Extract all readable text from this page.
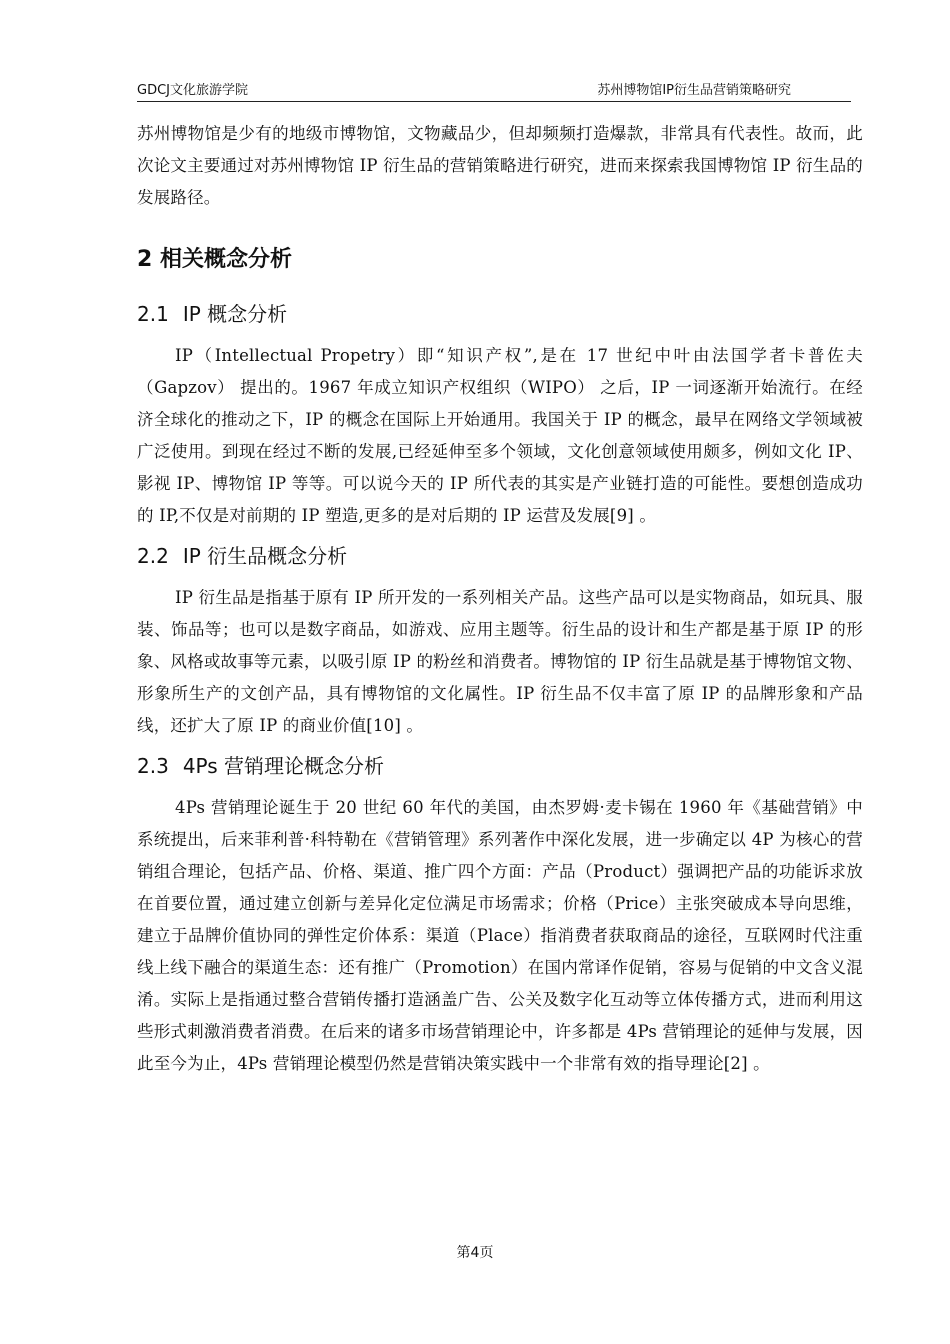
GDCJ文化旅游学院	苏州博物馆IP衍生品营销策略研究

苏州博物馆是少有的地级市博物馆，文物藏品少，但却频频打造爆款，非常具有代表性。故而，此次论文主要通过对苏州博物馆 IP 衍生品的营销策略进行研究，进而来探索我国博物馆 IP 衍生品的发展路径。

2 相关概念分析
2.1 IP 概念分析

IP（Intellectual Propetry）即“知识产权”,是在 17 世纪中叶由法国学者卡普佐夫（Gapzov） 提出的。1967 年成立知识产权组织（WIPO） 之后，IP 一词逐渐开始流行。在经济全球化的推动之下，IP 的概念在国际上开始通用。我国关于 IP 的概念，最早在网络文学领域被广泛使用。到现在经过不断的发展,已经延伸至多个领域，文化创意领域使用颇多，例如文化 IP、影视 IP、博物馆 IP 等等。可以说今天的 IP 所代表的其实是产业链打造的可能性。要想创造成功的 IP,不仅是对前期的 IP 塑造,更多的是对后期的 IP 运营及发展[9] 。

2.2 IP 衍生品概念分析

IP 衍生品是指基于原有 IP 所开发的一系列相关产品。这些产品可以是实物商品，如玩具、服装、饰品等；也可以是数字商品，如游戏、应用主题等。衍生品的设计和生产都是基于原 IP 的形象、风格或故事等元素，以吸引原 IP 的粉丝和消费者。博物馆的 IP 衍生品就是基于博物馆文物、形象所生产的文创产品，具有博物馆的文化属性。IP 衍生品不仅丰富了原 IP 的品牌形象和产品线，还扩大了原 IP 的商业价值[10] 。

2.3 4Ps 营销理论概念分析

4Ps 营销理论诞生于 20 世纪 60 年代的美国，由杰罗姆·麦卡锡在 1960 年《基础营销》中系统提出，后来菲利普·科特勒在《营销管理》系列著作中深化发展，进一步确定以 4P 为核心的营销组合理论，包括产品、价格、渠道、推广四个方面：产品（Product）强调把产品的功能诉求放在首要位置，通过建立创新与差异化定位满足市场需求；价格（Price）主张突破成本导向思维，建立于品牌价值协同的弹性定价体系：渠道（Place）指消费者获取商品的途径，互联网时代注重线上线下融合的渠道生态：还有推广（Promotion）在国内常译作促销，容易与促销的中文含义混淆。实际上是指通过整合营销传播打造涵盖广告、公关及数字化互动等立体传播方式，进而利用这些形式刺激消费者消费。在后来的诸多市场营销理论中，许多都是 4Ps 营销理论的延伸与发展，因此至今为止，4Ps 营销理论模型仍然是营销决策实践中一个非常有效的指导理论[2] 。

第4页
